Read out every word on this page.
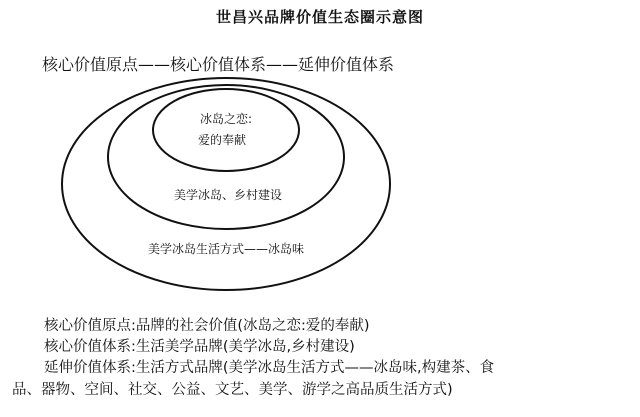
世昌兴品牌价值生态圈示意图
核心价值原点——核心价值体系——延伸价值体系
冰岛之恋:
爱的奉献
美学冰岛、乡村建设
美学冰岛生活方式——冰岛味
核心价值原点:品牌的社会价值(冰岛之恋:爱的奉献)
核心价值体系:生活美学品牌(美学冰岛,乡村建设)
延伸价值体系:生活方式品牌(美学冰岛生活方式——冰岛味,构建茶、食
品、器物、空间、社交、公益、文艺、美学、游学之高品质生活方式)
